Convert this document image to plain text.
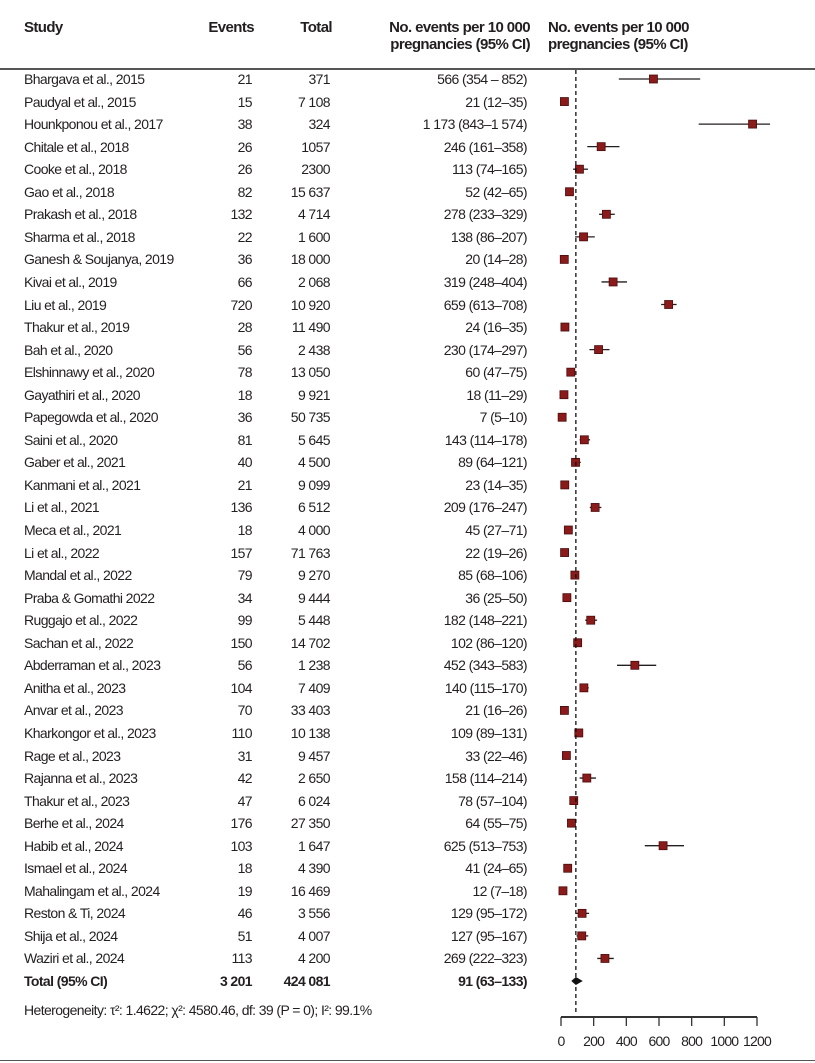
Study	Events	Total	No. events per 10 000 pregnancies (95% CI)
No. events per 10 000 pregnancies (95% CI)
Bhargava et al., 2015	21	371	566 (354 – 852)
Paudyal et al., 2015	15	7 108	21 (12–35)
Hounkponou et al., 2017	38	324	1 173 (843–1 574)
Chitale et al., 2018	26	1057	246 (161–358)
Cooke et al., 2018	26	2300	113 (74–165)
Gao et al., 2018	82	15 637	52 (42–65)
Prakash et al., 2018	132	4 714	278 (233–329)
Sharma et al., 2018	22	1 600	138 (86–207)
Ganesh & Soujanya, 2019	36	18 000	20 (14–28)
Kivai et al., 2019	66	2 068	319 (248–404)
Liu et al., 2019	720	10 920	659 (613–708)
Thakur et al., 2019	28	11 490	24 (16–35)
Bah et al., 2020	56	2 438	230 (174–297)
Elshinnawy et al., 2020	78	13 050	60 (47–75)
Gayathiri et al., 2020	18	9 921	18 (11–29)
Papegowda et al., 2020	36	50 735	7 (5–10)
Saini et al., 2020	81	5 645	143 (114–178)
Gaber et al., 2021	40	4 500	89 (64–121)
Kanmani et al., 2021	21	9 099	23 (14–35)
Li et al., 2021	136	6 512	209 (176–247)
Meca et al., 2021	18	4 000	45 (27–71)
Li et al., 2022	157	71 763	22 (19–26)
Mandal et al., 2022	79	9 270	85 (68–106)
Praba & Gomathi 2022	34	9 444	36 (25–50)
Ruggajo et al., 2022	99	5 448	182 (148–221)
Sachan et al., 2022	150	14 702	102 (86–120)
Abderraman et al., 2023	56	1 238	452 (343–583)
Anitha et al., 2023	104	7 409	140 (115–170)
Anvar et al., 2023	70	33 403	21 (16–26)
Kharkongor et al., 2023	110	10 138	109 (89–131)
Rage et al., 2023	31	9 457	33 (22–46)
Rajanna et al., 2023	42	2 650	158 (114–214)
Thakur et al., 2023	47	6 024	78 (57–104)
Berhe et al., 2024	176	27 350	64 (55–75)
Habib et al., 2024	103	1 647	625 (513–753)
Ismael et al., 2024	18	4 390	41 (24–65)
Mahalingam et al., 2024	19	16 469	12 (7–18)
Reston & Ti, 2024	46	3 556	129 (95–172)
Shija et al., 2024	51	4 007	127 (95–167)
Waziri et al., 2024	113	4 200	269 (222–323)
Total (95% CI)	3 201	424 081	91 (63–133)
Heterogeneity: τ²: 1.4622; χ²: 4580.46, df: 39 (P = 0); I²: 99.1%
0 200 400 600 800 1000 1200
